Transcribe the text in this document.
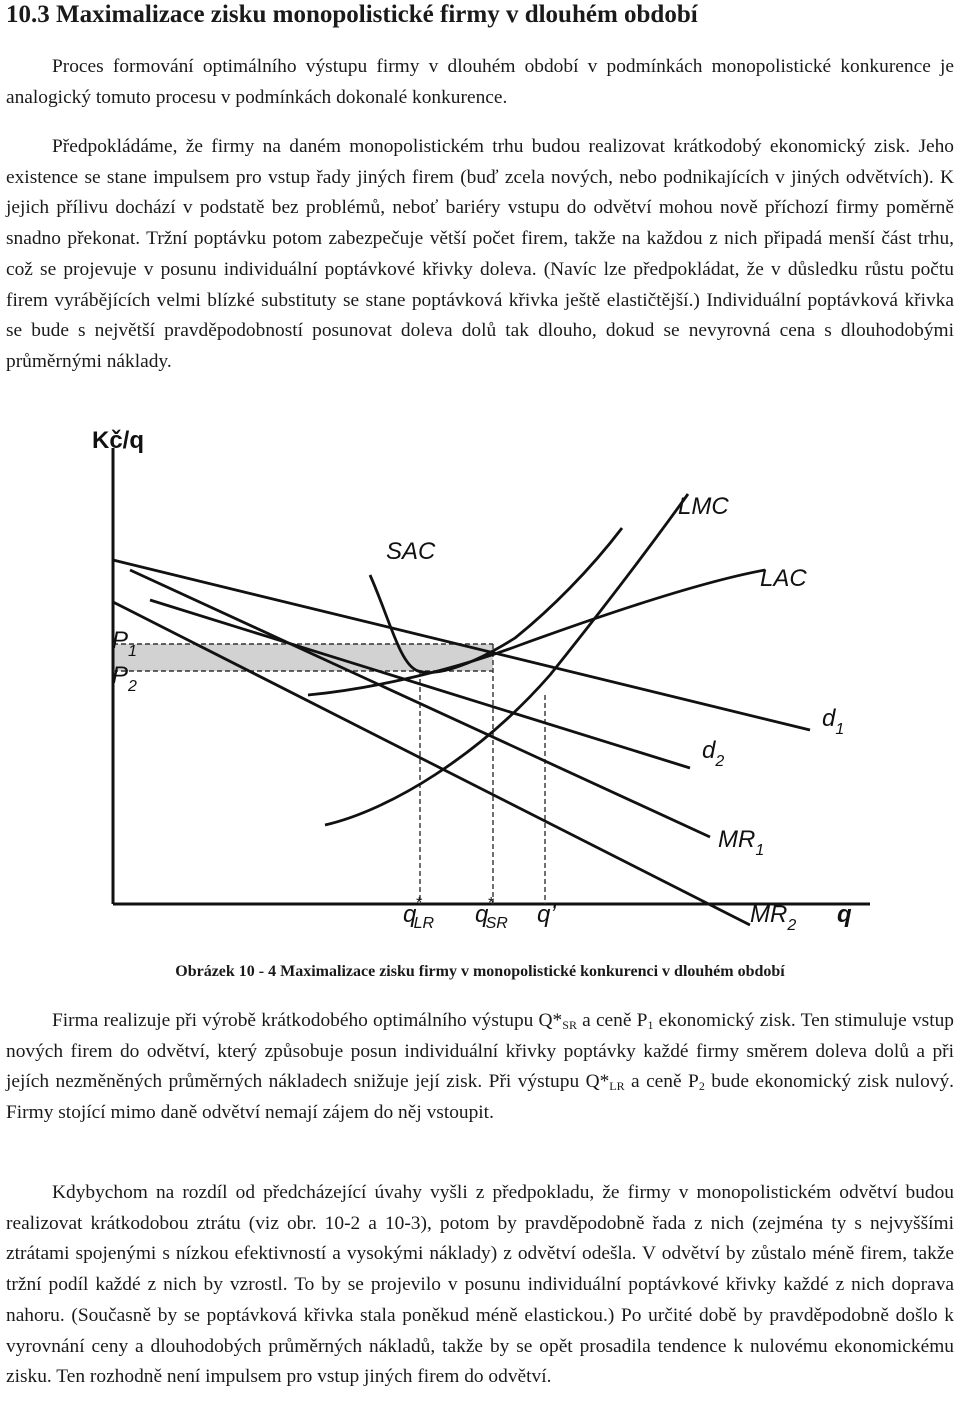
10.3 Maximalizace zisku monopolistické firmy v dlouhém období

Proces formování optimálního výstupu firmy v dlouhém období v podmínkách monopolistické konkurence je analogický tomuto procesu v podmínkách dokonalé konkurence.

Předpokládáme, že firmy na daném monopolistickém trhu budou realizovat krátkodobý ekonomický zisk. Jeho existence se stane impulsem pro vstup řady jiných firem (buď zcela nových, nebo podnikajících v jiných odvětvích). K jejich přílivu dochází v podstatě bez problémů, neboť bariéry vstupu do odvětví mohou nově příchozí firmy poměrně snadno překonat. Tržní poptávku potom zabezpečuje větší počet firem, takže na každou z nich připadá menší část trhu, což se projevuje v posunu individuální poptávkové křivky doleva. (Navíc lze předpokládat, že v důsledku růstu počtu firem vyrábějících velmi blízké substituty se stane poptávková křivka ještě elastičtější.) Individuální poptávková křivka se bude s největší pravděpodobností posunovat doleva dolů tak dlouho, dokud se nevyrovná cena s dlouhodobými průměrnými náklady.

Kč/q
q
LMC
SAC
LAC
$d_1$
$d_2$
$MR_1$
$MR_2$
$P_1$
$P_2$
q* LR q* SR q’
Obrázek 10 - 4 Maximalizace zisku firmy v monopolistické konkurenci v dlouhém období

Firma realizuje při výrobě krátkodobého optimálního výstupu $Q*_{SR}$ a ceně $P_1$ ekonomický zisk. Ten stimuluje vstup nových firem do odvětví, který způsobuje posun individuální křivky poptávky každé firmy směrem doleva dolů a při jejích nezměněných průměrných nákladech snižuje její zisk. Při výstupu $Q*_{LR}$ a ceně $P_2$ bude ekonomický zisk nulový. Firmy stojící mimo daně odvětví nemají zájem do něj vstoupit.

Kdybychom na rozdíl od předcházející úvahy vyšli z předpokladu, že firmy v monopolistickém odvětví budou realizovat krátkodobou ztrátu (viz obr. 10-2 a 10-3), potom by pravděpodobně řada z nich (zejména ty s nejvyššími ztrátami spojenými s nízkou efektivností a vysokými náklady) z odvětví odešla. V odvětví by zůstalo méně firem, takže tržní podíl každé z nich by vzrostl. To by se projevilo v posunu individuální poptávkové křivky každé z nich doprava nahoru. (Současně by se poptávková křivka stala poněkud méně elastickou.) Po určité době by pravděpodobně došlo k vyrovnání ceny a dlouhodobých průměrných nákladů, takže by se opět prosadila tendence k nulovému ekonomickému zisku. Ten rozhodně není impulsem pro vstup jiných firem do odvětví.
